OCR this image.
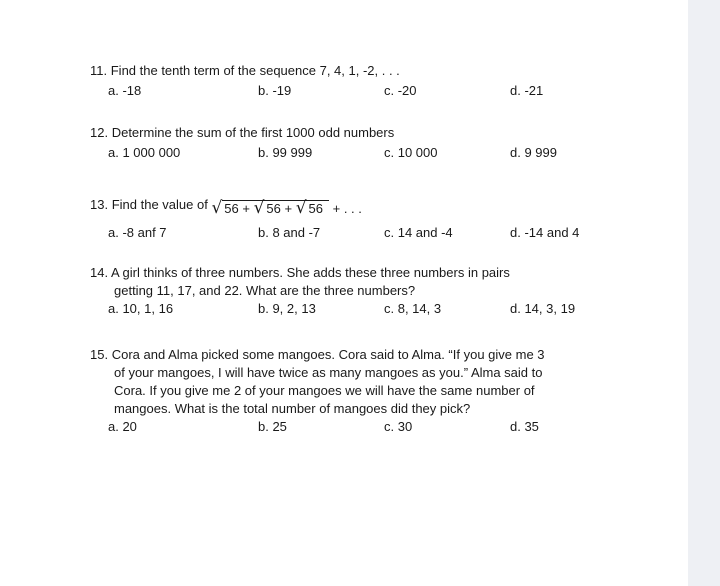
11. Find the tenth term of the sequence 7, 4, 1, -2, . . .

a. -18	b. -19	c. -20	d. -21

12. Determine the sum of the first 1000 odd numbers

a. 1 000 000	b. 99 999	c. 10 000	d. 9 999

13. Find the value of √ 56 + √ 56 + √ 56 + . . .

a. -8 anf 7	b. 8 and -7	c. 14 and -4	d. -14 and 4

14. A girl thinks of three numbers. She adds these three numbers in pairs
getting 11, 17, and 22. What are the three numbers?

a. 10, 1, 16	b. 9, 2, 13	c. 8, 14, 3	d. 14, 3, 19

15. Cora and Alma picked some mangoes. Cora said to Alma. “If you give me 3
of your mangoes, I will have twice as many mangoes as you.” Alma said to
Cora. If you give me 2 of your mangoes we will have the same number of
mangoes. What is the total number of mangoes did they pick?

a. 20	b. 25	c. 30	d. 35
